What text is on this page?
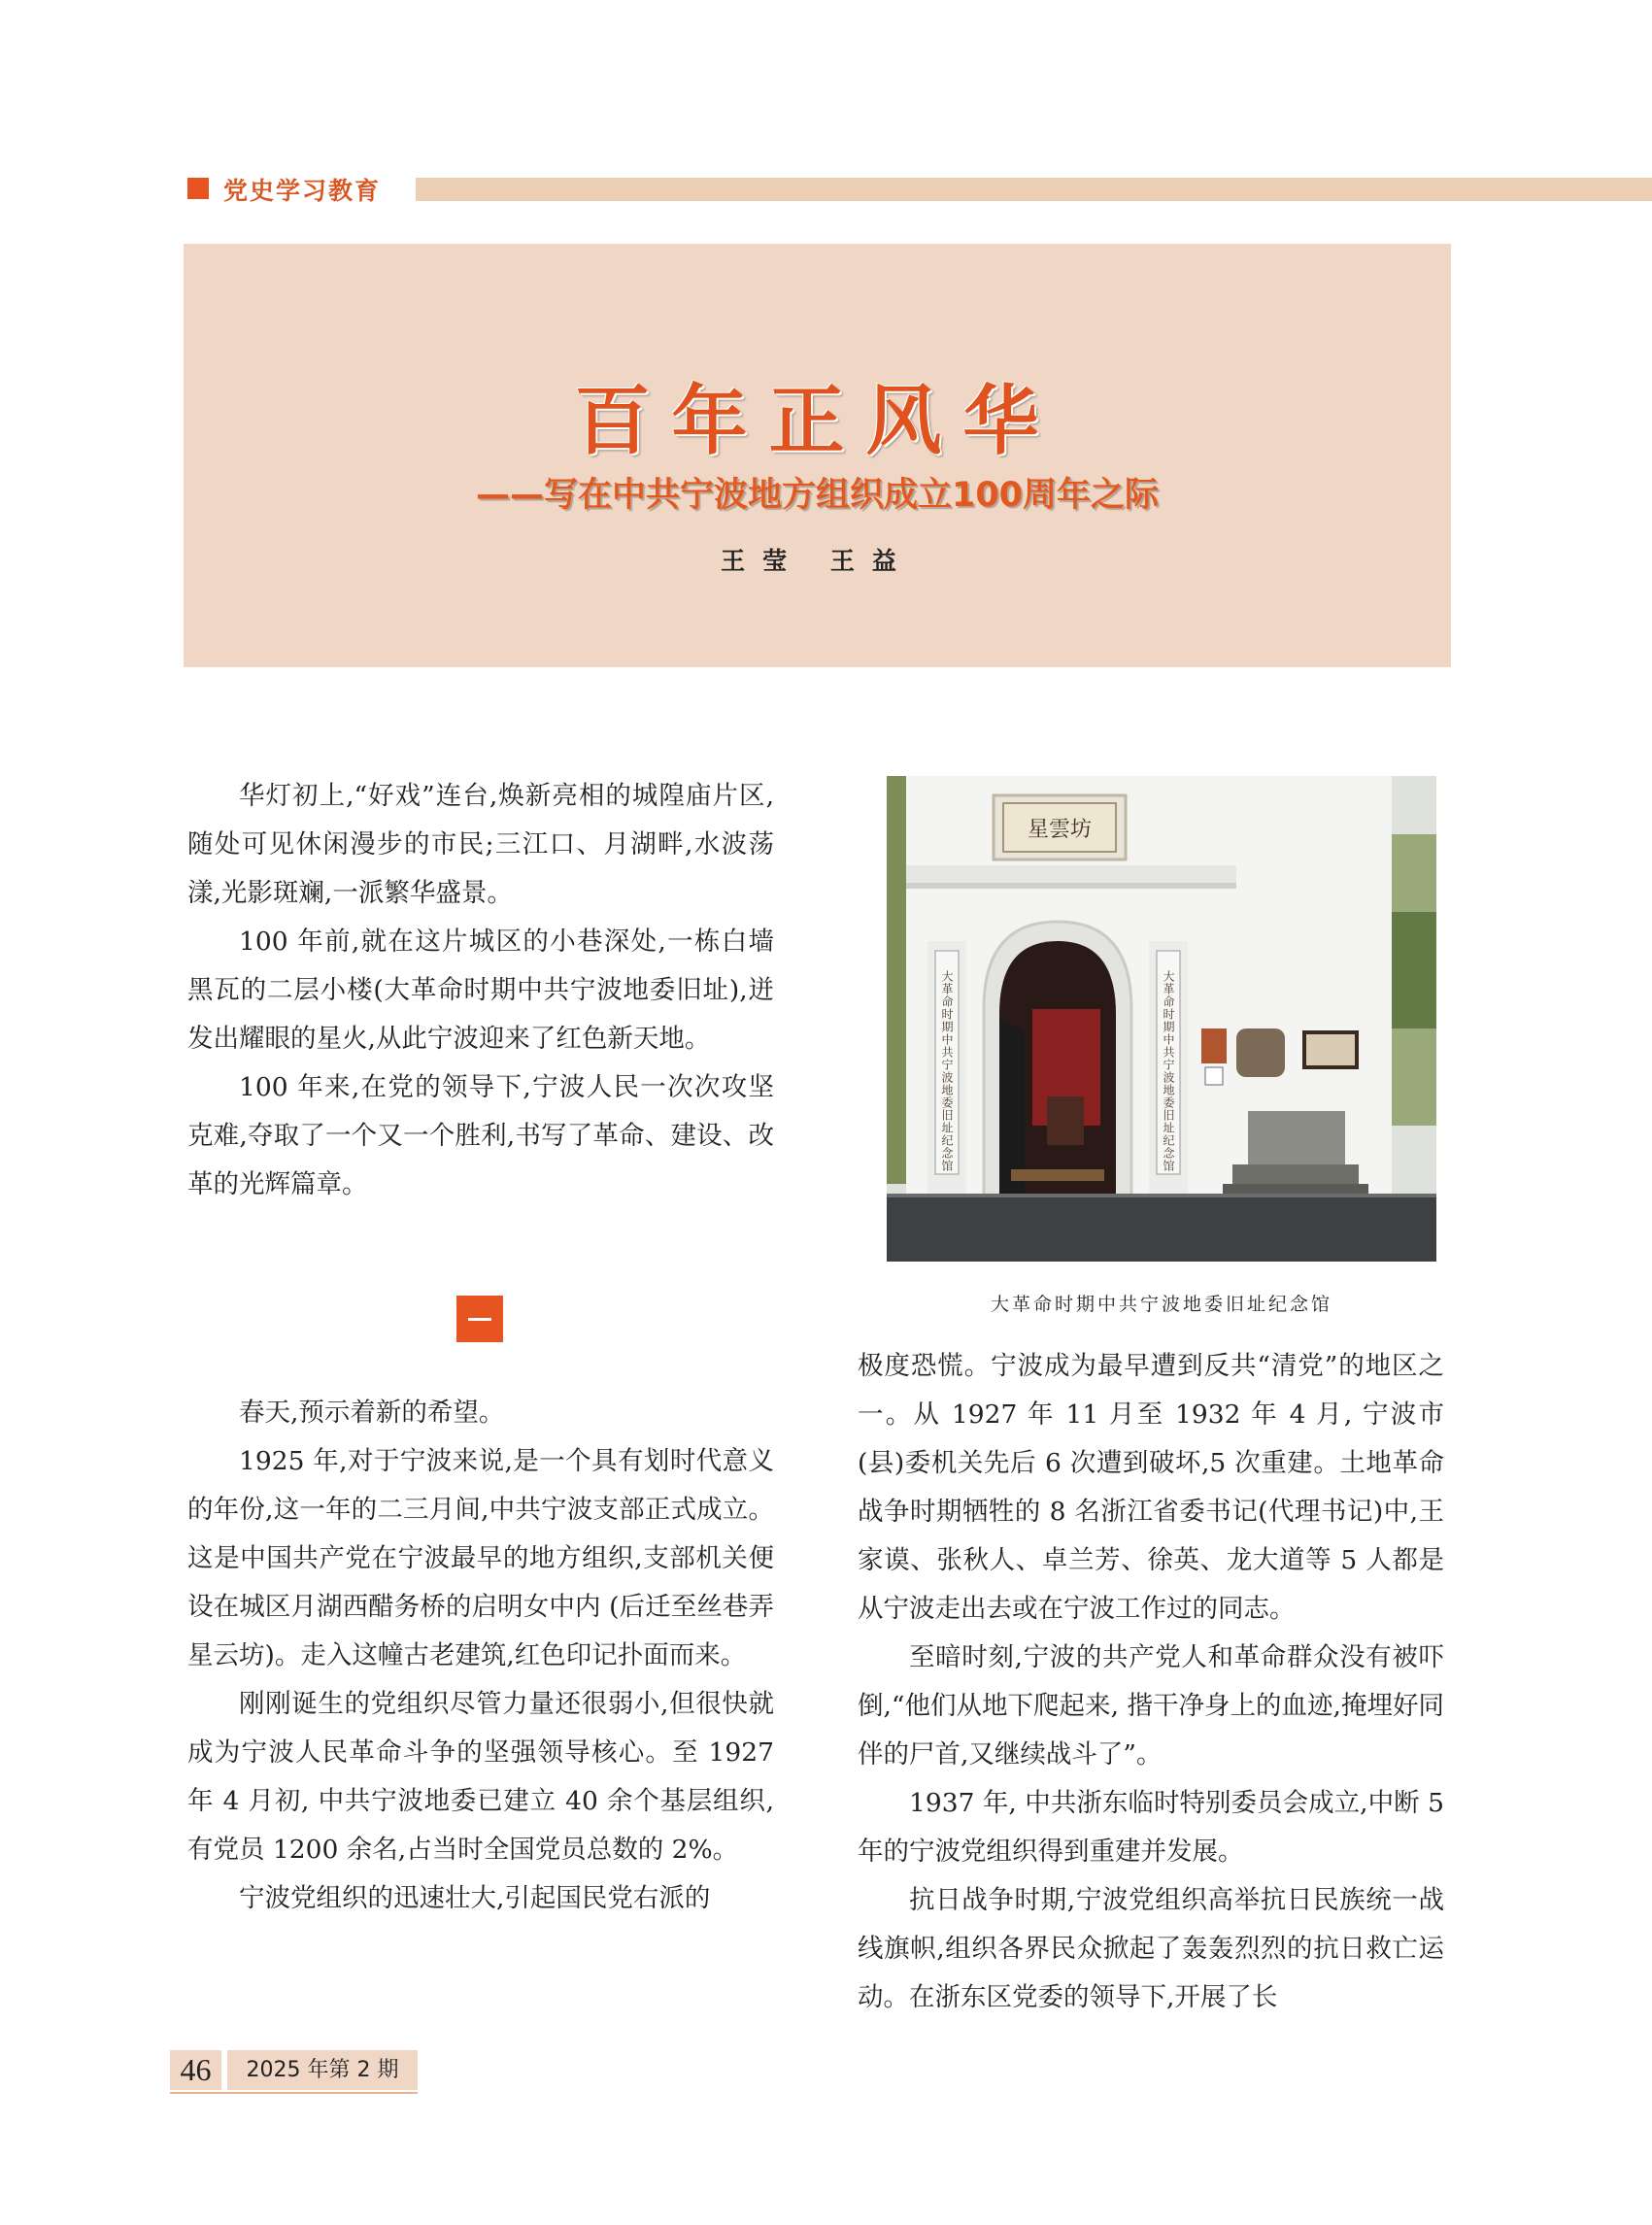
党史学习教育
百年正风华
——写在中共宁波地方组织成立100周年之际
王莹 王益

华灯初上,“好戏”连台,焕新亮相的城隍庙片区,随处可见休闲漫步的市民;三江口、月湖畔,水波荡漾,光影斑斓,一派繁华盛景。

100 年前,就在这片城区的小巷深处,一栋白墙黑瓦的二层小楼(大革命时期中共宁波地委旧址),迸发出耀眼的星火,从此宁波迎来了红色新天地。

100 年来,在党的领导下,宁波人民一次次攻坚克难,夺取了一个又一个胜利,书写了革命、建设、改革的光辉篇章。

春天,预示着新的希望。

1925 年,对于宁波来说,是一个具有划时代意义的年份,这一年的二三月间,中共宁波支部正式成立。这是中国共产党在宁波最早的地方组织,支部机关便设在城区月湖西醋务桥的启明女中内 (后迁至丝巷弄星云坊)。走入这幢古老建筑,红色印记扑面而来。

刚刚诞生的党组织尽管力量还很弱小,但很快就成为宁波人民革命斗争的坚强领导核心。至 1927 年 4 月初, 中共宁波地委已建立 40 余个基层组织,有党员 1200 余名,占当时全国党员总数的 2%。

宁波党组织的迅速壮大,引起国民党右派的

星雲坊
大革命时期中共宁波地委旧址纪念馆	大革命时期中共宁波地委旧址纪念馆
大革命时期中共宁波地委旧址纪念馆

极度恐慌。宁波成为最早遭到反共“清党”的地区之一。从 1927 年 11 月至 1932 年 4 月, 宁波市(县)委机关先后 6 次遭到破坏,5 次重建。土地革命战争时期牺牲的 8 名浙江省委书记(代理书记)中,王家谟、张秋人、卓兰芳、徐英、龙大道等 5 人都是从宁波走出去或在宁波工作过的同志。

至暗时刻,宁波的共产党人和革命群众没有被吓倒,“他们从地下爬起来, 揩干净身上的血迹,掩埋好同伴的尸首,又继续战斗了”。

1937 年, 中共浙东临时特别委员会成立,中断 5 年的宁波党组织得到重建并发展。

抗日战争时期,宁波党组织高举抗日民族统一战线旗帜,组织各界民众掀起了轰轰烈烈的抗日救亡运动。在浙东区党委的领导下,开展了长

46	2025 年第 2 期
